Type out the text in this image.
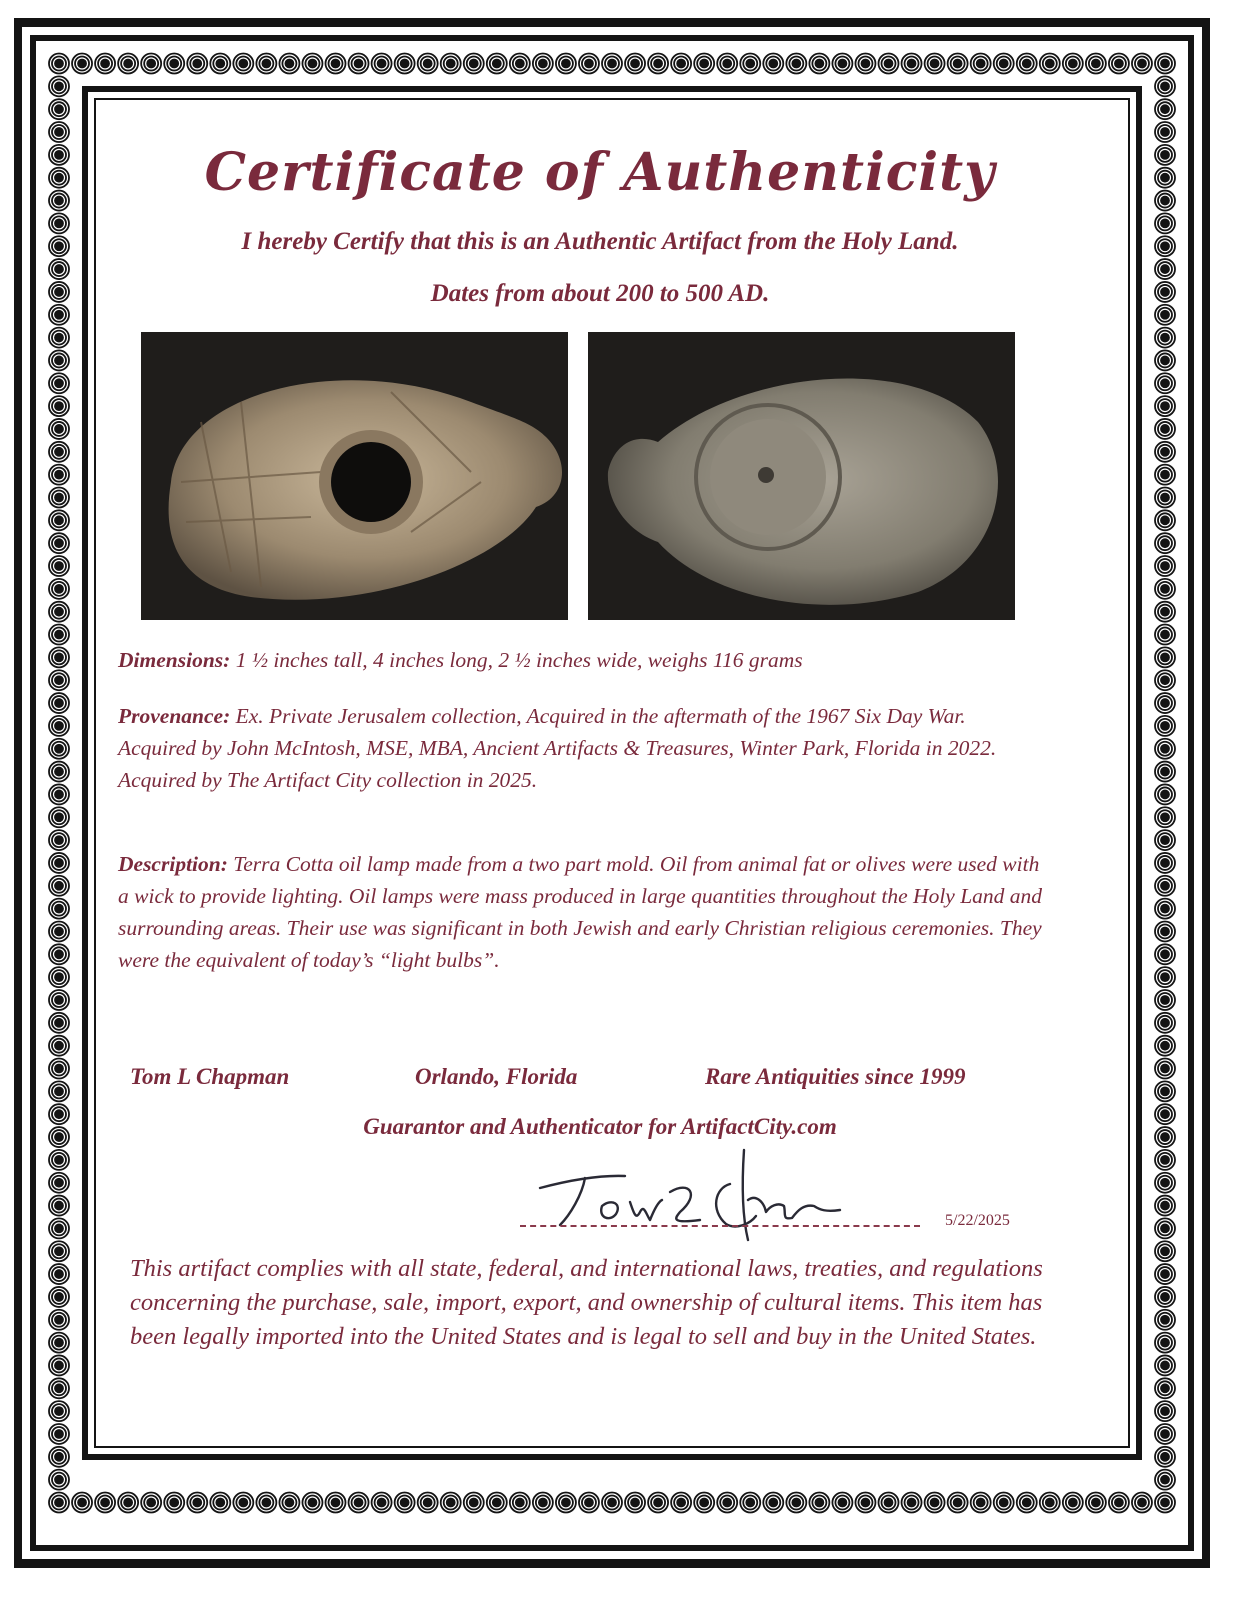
Certificate of Authenticity
I hereby Certify that this is an Authentic Artifact from the Holy Land.
Dates from about 200 to 500 AD.
Dimensions: 1 ½ inches tall, 4 inches long, 2 ½ inches wide, weighs 116 grams
Provenance: Ex. Private Jerusalem collection, Acquired in the aftermath of the 1967 Six Day War. Acquired by John McIntosh, MSE, MBA, Ancient Artifacts & Treasures, Winter Park, Florida in 2022. Acquired by The Artifact City collection in 2025.
Description: Terra Cotta oil lamp made from a two part mold. Oil from animal fat or olives were used with a wick to provide lighting. Oil lamps were mass produced in large quantities throughout the Holy Land and surrounding areas. Their use was significant in both Jewish and early Christian religious ceremonies. They were the equivalent of today’s “light bulbs”.
Tom L Chapman	Orlando, Florida	Rare Antiquities since 1999
Guarantor and Authenticator for ArtifactCity.com
5/22/2025
This artifact complies with all state, federal, and international laws, treaties, and regulations concerning the purchase, sale, import, export, and ownership of cultural items. This item has been legally imported into the United States and is legal to sell and buy in the United States.
